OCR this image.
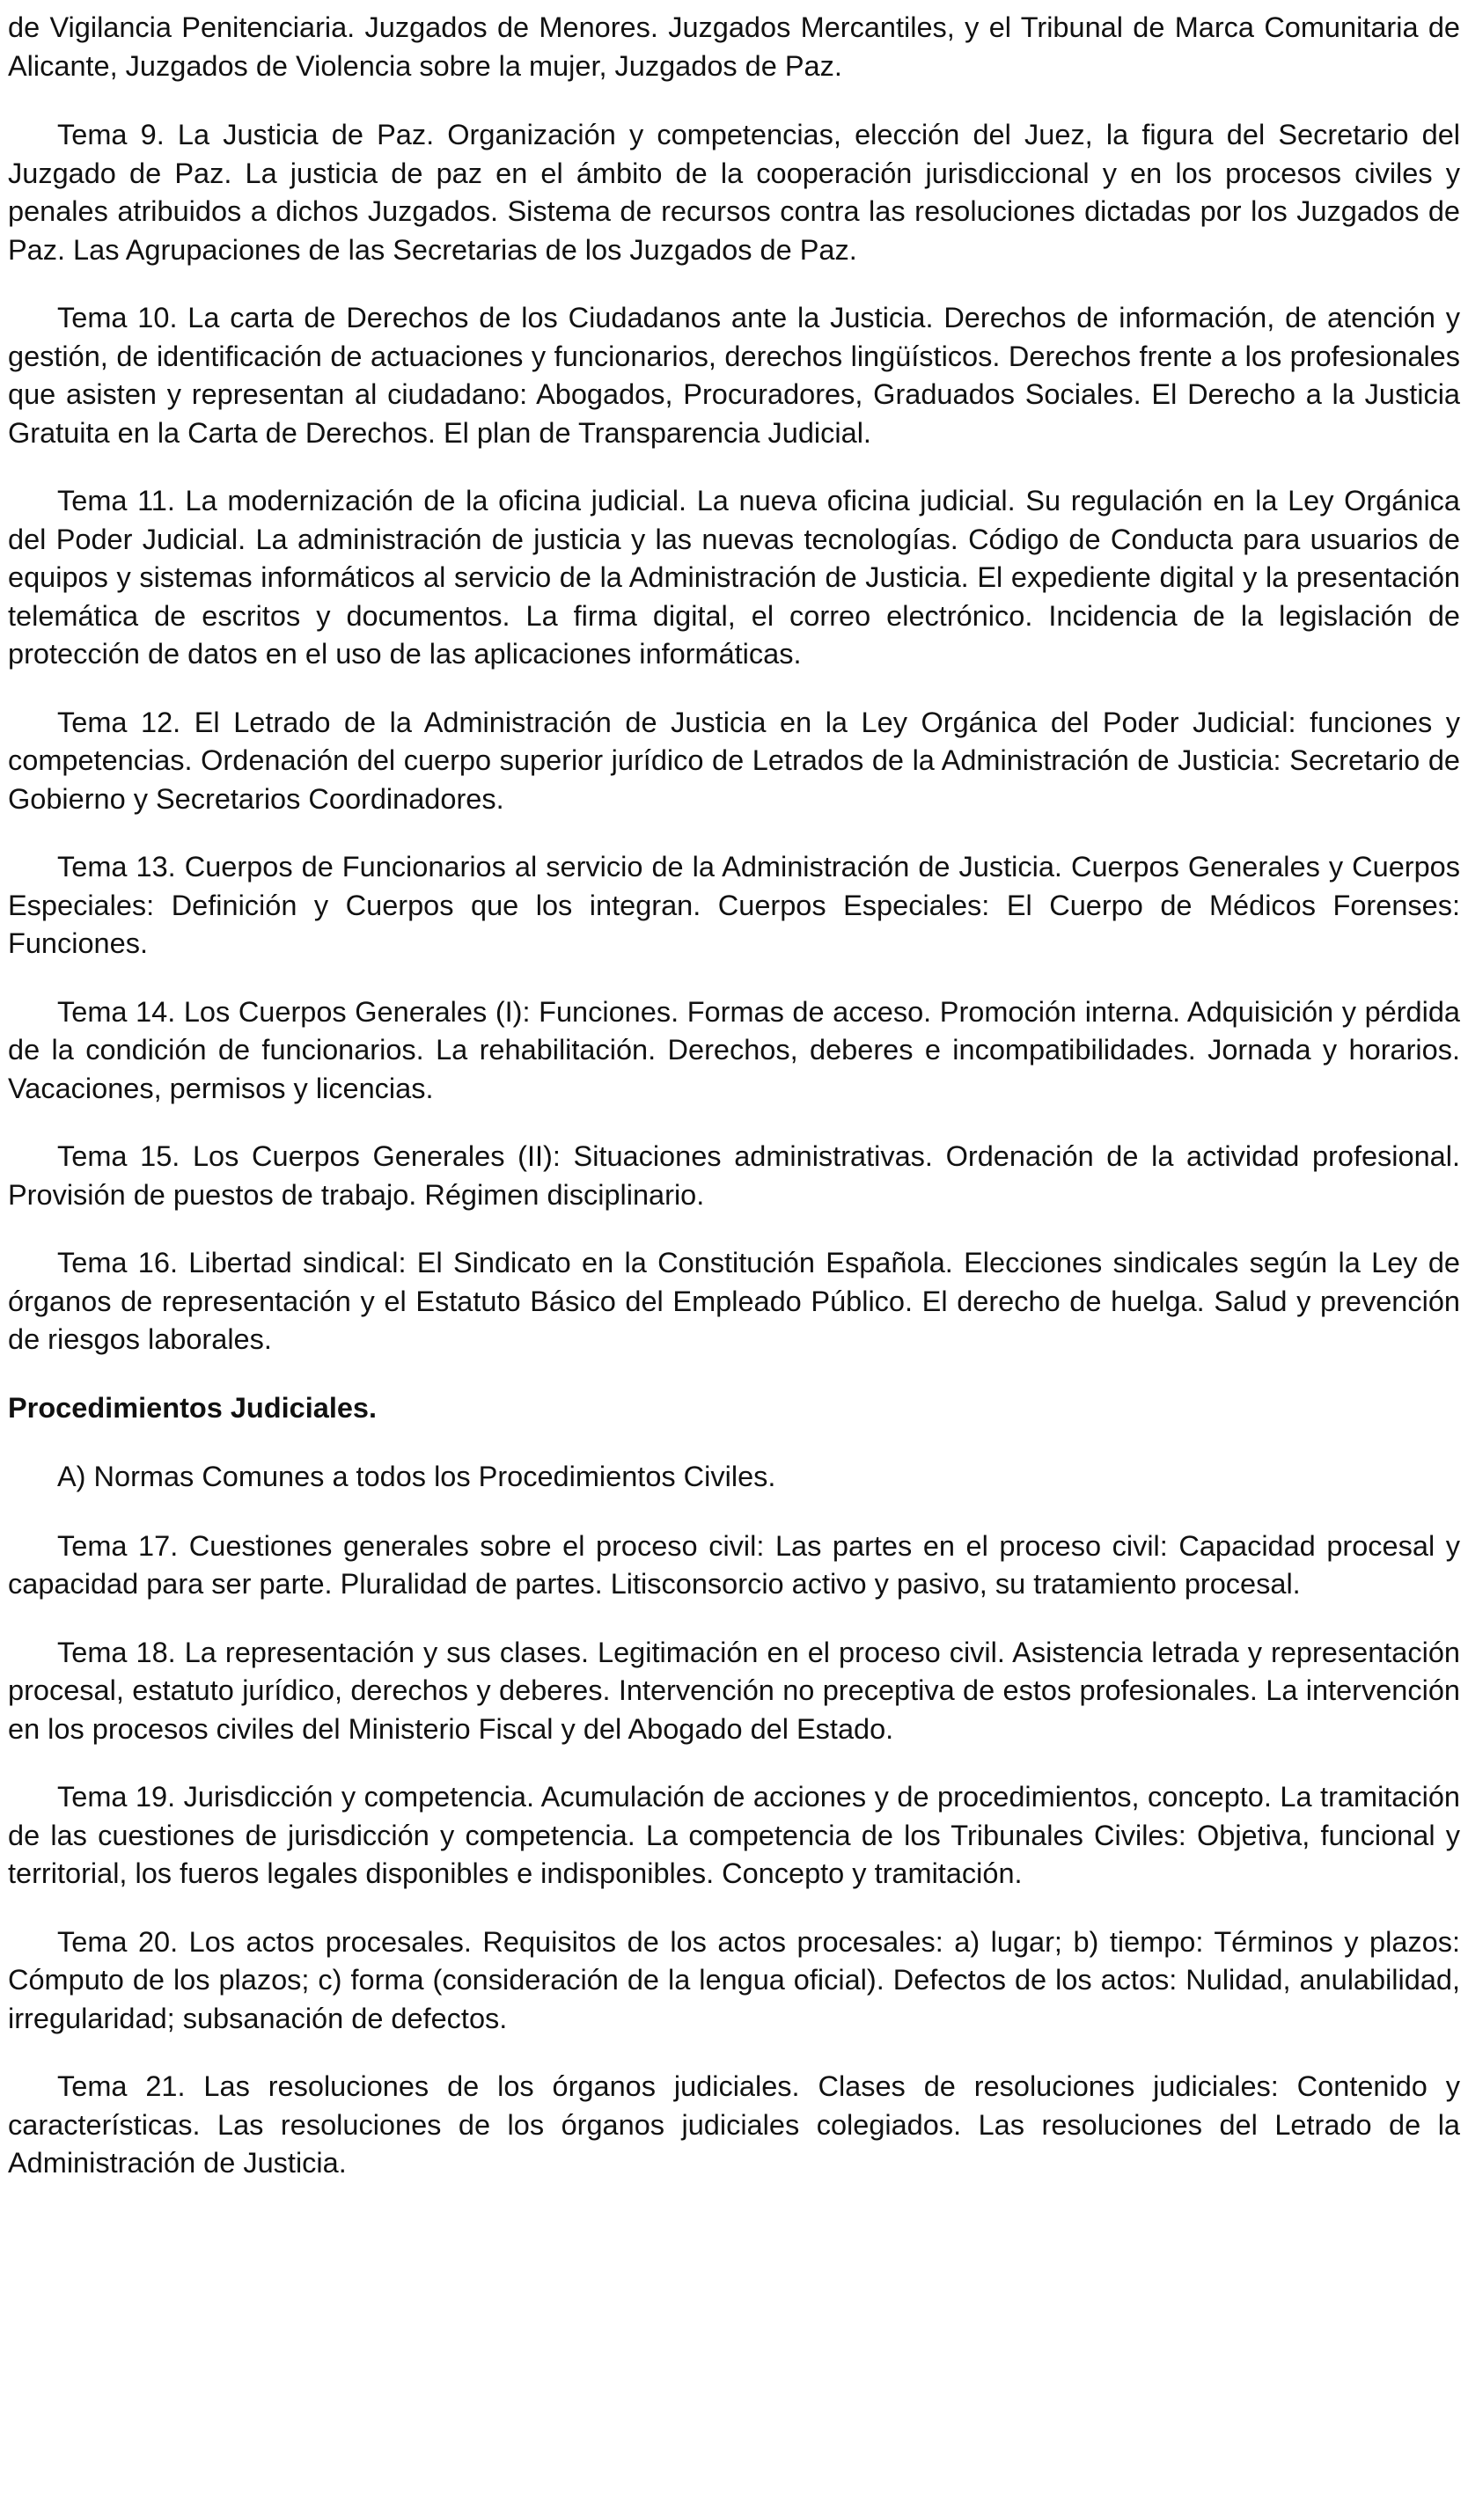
de Vigilancia Penitenciaria. Juzgados de Menores. Juzgados Mercantiles, y el Tribunal de Marca Comunitaria de Alicante, Juzgados de Violencia sobre la mujer, Juzgados de Paz.

Tema 9. La Justicia de Paz. Organización y competencias, elección del Juez, la figura del Secretario del Juzgado de Paz. La justicia de paz en el ámbito de la cooperación jurisdiccional y en los procesos civiles y penales atribuidos a dichos Juzgados. Sistema de recursos contra las resoluciones dictadas por los Juzgados de Paz. Las Agrupaciones de las Secretarias de los Juzgados de Paz.

Tema 10. La carta de Derechos de los Ciudadanos ante la Justicia. Derechos de información, de atención y gestión, de identificación de actuaciones y funcionarios, derechos lingüísticos. Derechos frente a los profesionales que asisten y representan al ciudadano: Abogados, Procuradores, Graduados Sociales. El Derecho a la Justicia Gratuita en la Carta de Derechos. El plan de Transparencia Judicial.

Tema 11. La modernización de la oficina judicial. La nueva oficina judicial. Su regulación en la Ley Orgánica del Poder Judicial. La administración de justicia y las nuevas tecnologías. Código de Conducta para usuarios de equipos y sistemas informáticos al servicio de la Administración de Justicia. El expediente digital y la presentación telemática de escritos y documentos. La firma digital, el correo electrónico. Incidencia de la legislación de protección de datos en el uso de las aplicaciones informáticas.

Tema 12. El Letrado de la Administración de Justicia en la Ley Orgánica del Poder Judicial: funciones y competencias. Ordenación del cuerpo superior jurídico de Letrados de la Administración de Justicia: Secretario de Gobierno y Secretarios Coordinadores.

Tema 13. Cuerpos de Funcionarios al servicio de la Administración de Justicia. Cuerpos Generales y Cuerpos Especiales: Definición y Cuerpos que los integran. Cuerpos Especiales: El Cuerpo de Médicos Forenses: Funciones.

Tema 14. Los Cuerpos Generales (I): Funciones. Formas de acceso. Promoción interna. Adquisición y pérdida de la condición de funcionarios. La rehabilitación. Derechos, deberes e incompatibilidades. Jornada y horarios. Vacaciones, permisos y licencias.

Tema 15. Los Cuerpos Generales (II): Situaciones administrativas. Ordenación de la actividad profesional. Provisión de puestos de trabajo. Régimen disciplinario.

Tema 16. Libertad sindical: El Sindicato en la Constitución Española. Elecciones sindicales según la Ley de órganos de representación y el Estatuto Básico del Empleado Público. El derecho de huelga. Salud y prevención de riesgos laborales.

Procedimientos Judiciales.

A) Normas Comunes a todos los Procedimientos Civiles.

Tema 17. Cuestiones generales sobre el proceso civil: Las partes en el proceso civil: Capacidad procesal y capacidad para ser parte. Pluralidad de partes. Litisconsorcio activo y pasivo, su tratamiento procesal.

Tema 18. La representación y sus clases. Legitimación en el proceso civil. Asistencia letrada y representación procesal, estatuto jurídico, derechos y deberes. Intervención no preceptiva de estos profesionales. La intervención en los procesos civiles del Ministerio Fiscal y del Abogado del Estado.

Tema 19. Jurisdicción y competencia. Acumulación de acciones y de procedimientos, concepto. La tramitación de las cuestiones de jurisdicción y competencia. La competencia de los Tribunales Civiles: Objetiva, funcional y territorial, los fueros legales disponibles e indisponibles. Concepto y tramitación.

Tema 20. Los actos procesales. Requisitos de los actos procesales: a) lugar; b) tiempo: Términos y plazos: Cómputo de los plazos; c) forma (consideración de la lengua oficial). Defectos de los actos: Nulidad, anulabilidad, irregularidad; subsanación de defectos.

Tema 21. Las resoluciones de los órganos judiciales. Clases de resoluciones judiciales: Contenido y características. Las resoluciones de los órganos judiciales colegiados. Las resoluciones del Letrado de la Administración de Justicia.
